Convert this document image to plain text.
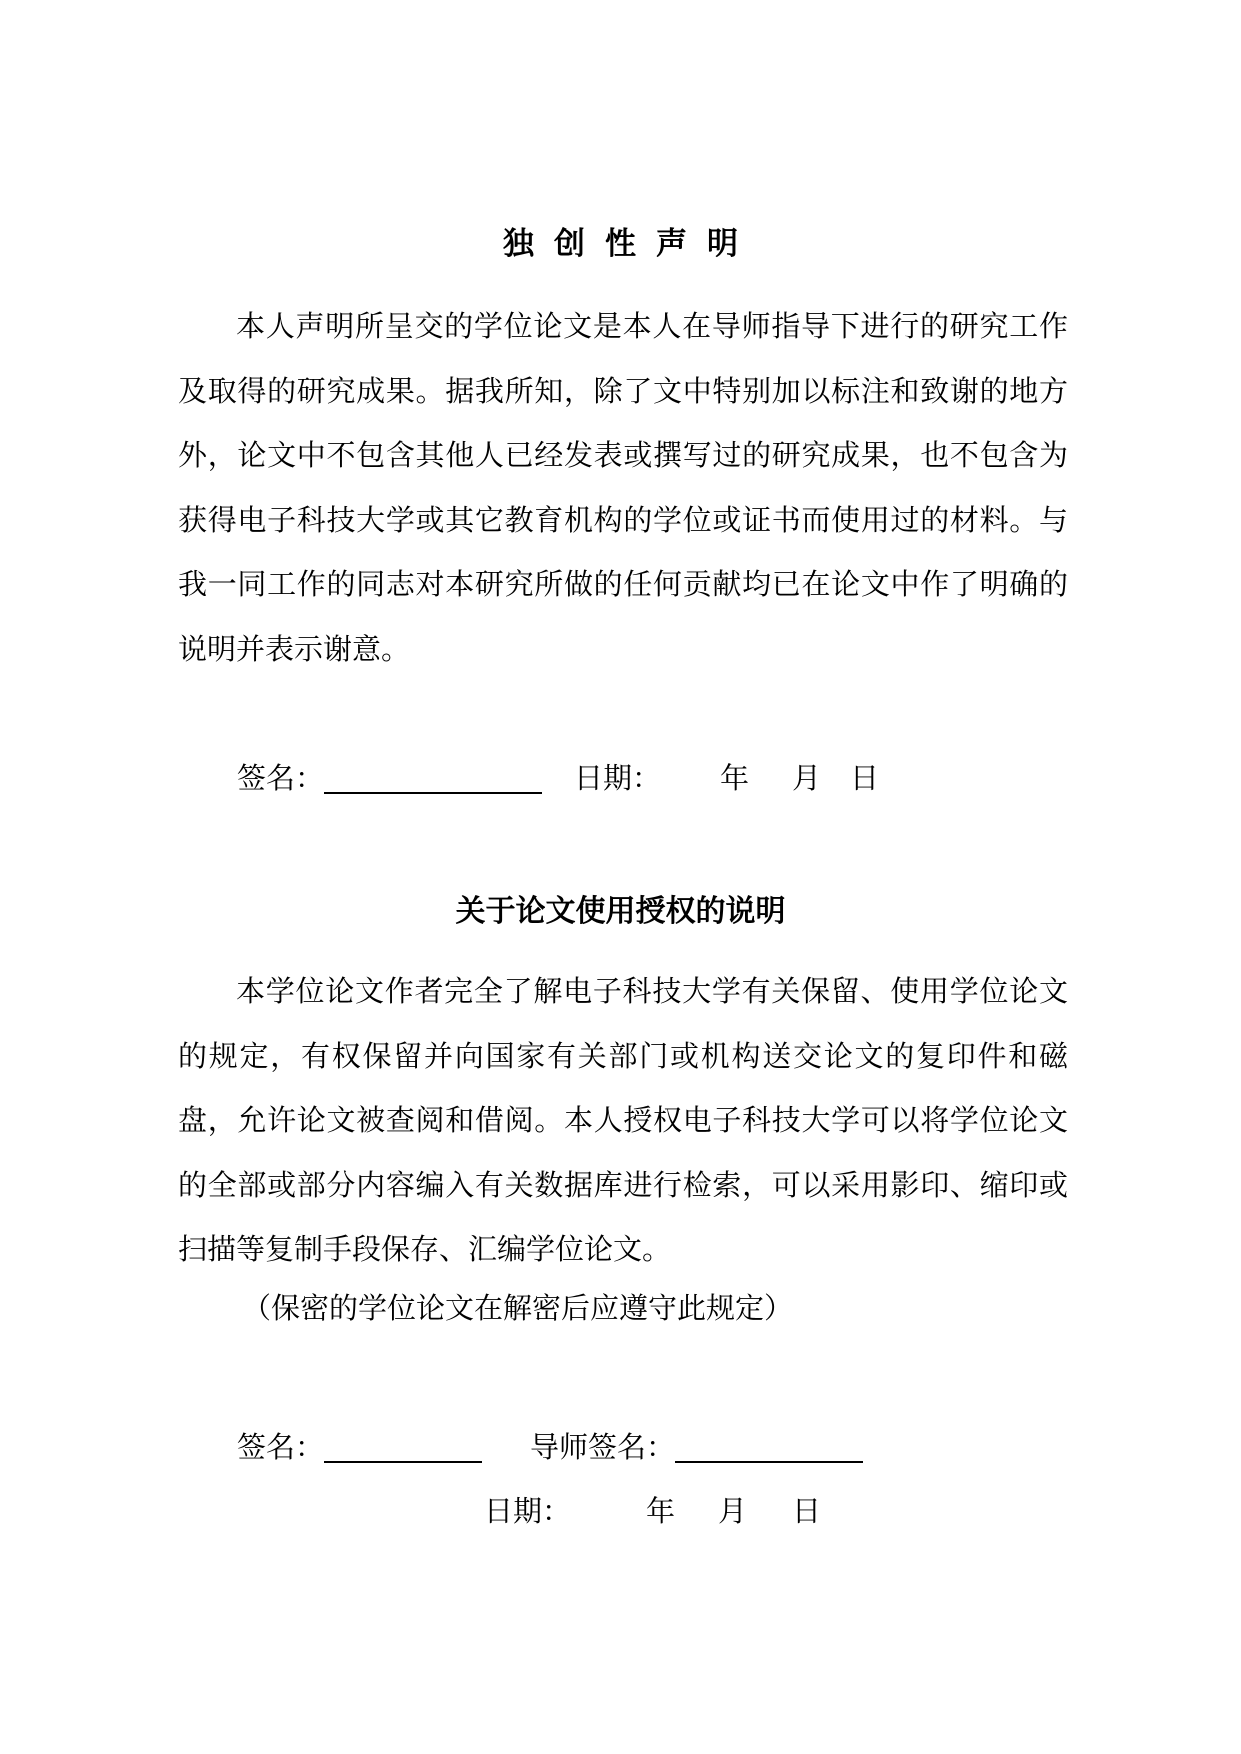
独创性声明
本人声明所呈交的学位论文是本人在导师指导下进行的研究工作及取得的研究成果。据我所知，除了文中特别加以标注和致谢的地方外，论文中不包含其他人已经发表或撰写过的研究成果，也不包含为获得电子科技大学或其它教育机构的学位或证书而使用过的材料。与我一同工作的同志对本研究所做的任何贡献均已在论文中作了明确的说明并表示谢意。
签名：	日期： 年 月 日
关于论文使用授权的说明
本学位论文作者完全了解电子科技大学有关保留、使用学位论文的规定，有权保留并向国家有关部门或机构送交论文的复印件和磁盘，允许论文被查阅和借阅。本人授权电子科技大学可以将学位论文的全部或部分内容编入有关数据库进行检索，可以采用影印、缩印或扫描等复制手段保存、汇编学位论文。
（保密的学位论文在解密后应遵守此规定）
签名：	导师签名：
日期：	年 月 日
